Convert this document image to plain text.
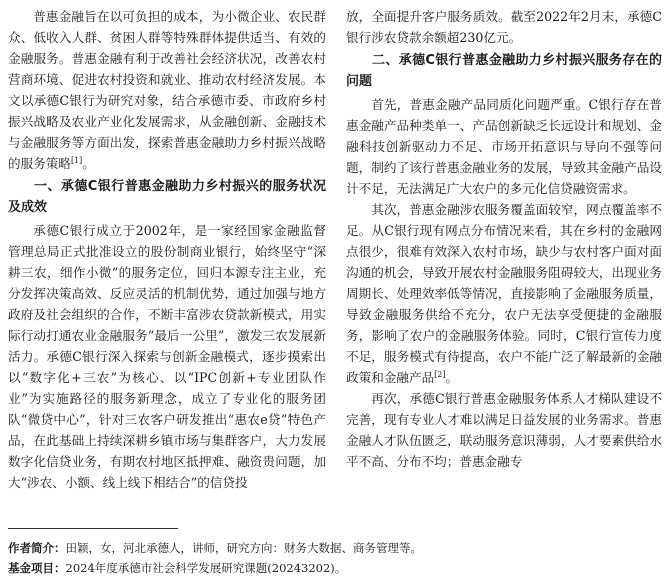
普惠金融旨在以可负担的成本，为小微企业、农民群众、低收入人群、贫困人群等特殊群体提供适当、有效的金融服务。普惠金融有利于改善社会经济状况，改善农村营商环境、促进农村投资和就业、推动农村经济发展。本文以承德C银行为研究对象，结合承德市委、市政府乡村振兴战略及农业产业化发展需求，从金融创新、金融技术与金融服务等方面出发，探索普惠金融助力乡村振兴战略的服务策略[1]。

一、承德C银行普惠金融助力乡村振兴的服务状况及成效

承德C银行成立于2002年，是一家经国家金融监督管理总局正式批准设立的股份制商业银行，始终坚守“深耕三农，细作小微”的服务定位，回归本源专注主业，充分发挥决策高效、反应灵活的机制优势，通过加强与地方政府及社会组织的合作，不断丰富涉农贷款新模式，用实际行动打通农业金融服务“最后一公里”，激发三农发展新活力。承德C银行深入探索与创新金融模式，逐步摸索出以“数字化+三农”为核心、以“IPC创新+专业团队作业”为实施路径的服务新理念，成立了专业化的服务团队“微贷中心”，针对三农客户研发推出“惠农e贷”特色产品，在此基础上持续深耕乡镇市场与集群客户，大力发展数字化信贷业务，有期农村地区抵押难、融资贵问题，加大“涉农、小额、线上线下相结合”的信贷投

放，全面提升客户服务质效。截至2022年2月末，承德C银行涉农贷款余额超230亿元。

二、承德C银行普惠金融助力乡村振兴服务存在的问题

首先，普惠金融产品同质化问题严重。C银行存在普惠金融产品种类单一、产品创新缺乏长远设计和规划、金融科技创新驱动力不足、市场开拓意识与导向不强等问题，制约了该行普惠金融业务的发展，导致其金融产品设计不足，无法满足广大农户的多元化信贷融资需求。

其次，普惠金融涉农服务覆盖面较窄，网点覆盖率不足。从C银行现有网点分布情况来看，其在乡村的金融网点很少，很难有效深入农村市场，缺少与农村客户面对面沟通的机会，导致开展农村金融服务阻碍较大，出现业务周期长、处理效率低等情况，直接影响了金融服务质量，导致金融服务供给不充分，农户无法享受便捷的金融服务，影响了农户的金融服务体验。同时，C银行宣传力度不足，服务模式有待提高，农户不能广泛了解最新的金融政策和金融产品[2]。

再次，承德C银行普惠金融服务体系人才梯队建设不完善，现有专业人才难以满足日益发展的业务需求。普惠金融人才队伍匮乏，联动服务意识薄弱，人才要素供给水平不高、分布不均；普惠金融专

作者简介：田颖，女，河北承德人，讲师，研究方向：财务大数据、商务管理等。
基金项目：2024年度承德市社会科学发展研究课题(20243202)。
